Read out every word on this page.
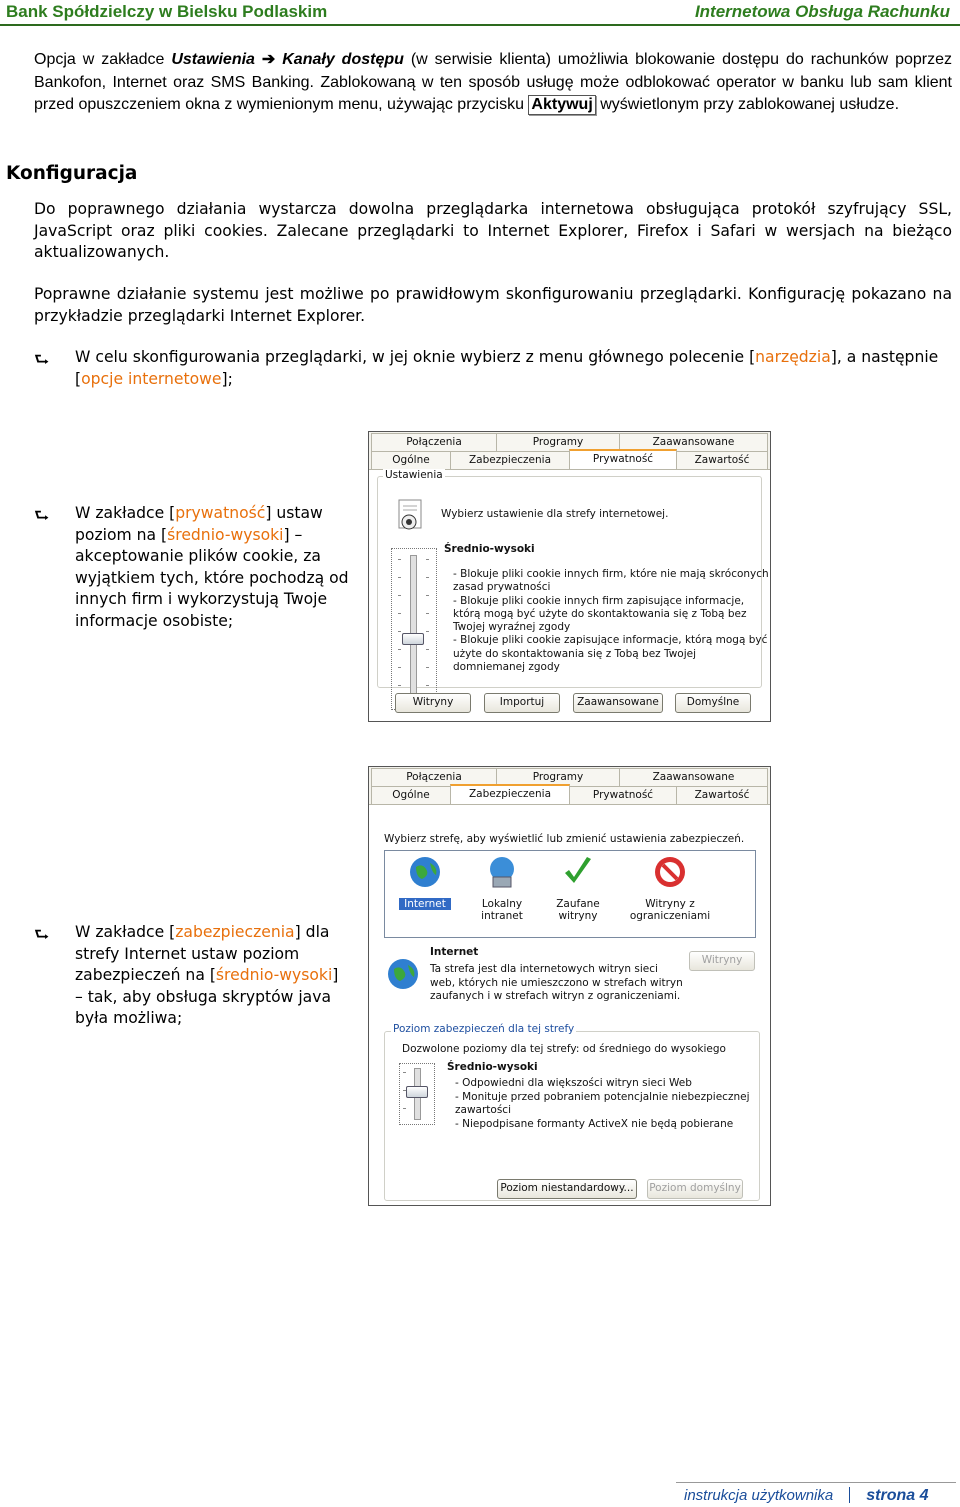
Bank Spółdzielczy w Bielsku Podlaskim	Internetowa Obsługa Rachunku
Opcja w zakładce Ustawienia ➔ Kanały dostępu (w serwisie klienta) umożliwia blokowanie dostępu do rachunków poprzez Bankofon, Internet oraz SMS Banking. Zablokowaną w ten sposób usługę może odblokować operator w banku lub sam klient przed opuszczeniem okna z wymienionym menu, używając przycisku Aktywuj wyświetlonym przy zablokowanej usłudze.
Konfiguracja
Do poprawnego działania wystarcza dowolna przeglądarka internetowa obsługująca protokół szyfrujący SSL, JavaScript oraz pliki cookies. Zalecane przeglądarki to Internet Explorer, Firefox i Safari w wersjach na bieżąco aktualizowanych.
Poprawne działanie systemu jest możliwe po prawidłowym skonfigurowaniu przeglądarki. Konfigurację pokazano na przykładzie przeglądarki Internet Explorer.
⮑ W celu skonfigurowania przeglądarki, w jej oknie wybierz z menu głównego polecenie [narzędzia], a następnie [opcje internetowe];
⮑ W zakładce [prywatność] ustaw poziom na [średnio-wysoki] – akceptowanie plików cookie, za wyjątkiem tych, które pochodzą od innych firm i wykorzystują Twoje informacje osobiste;
Połączenia	Programy	Zaawansowane
Ogólne	Zabezpieczenia	Prywatność	Zawartość
Ustawienia
Wybierz ustawienie dla strefy internetowej.
Średnio-wysoki
- Blokuje pliki cookie innych firm, które nie mają skróconych
zasad prywatności
- Blokuje pliki cookie innych firm zapisujące informacje,
którą mogą być użyte do skontaktowania się z Tobą bez
Twojej wyraźnej zgody
- Blokuje pliki cookie zapisujące informacje, którą mogą być
użyte do skontaktowania się z Tobą bez Twojej
domniemanej zgody
Witryny	Importuj	Zaawansowane	Domyślne
⮑ W zakładce [zabezpieczenia] dla strefy Internet ustaw poziom zabezpieczeń na [średnio-wysoki] – tak, aby obsługa skryptów java była możliwa;
Połączenia	Programy	Zaawansowane
Ogólne	Zabezpieczenia	Prywatność	Zawartość
Wybierz strefę, aby wyświetlić lub zmienić ustawienia zabezpieczeń.
Internet	Lokalny intranet
Zaufane witryny
Witryny z ograniczeniami
Internet
Ta strefa jest dla internetowych witryn sieci
web, których nie umieszczono w strefach witryn
zaufanych i w strefach witryn z ograniczeniami.
Witryny
Poziom zabezpieczeń dla tej strefy
Dozwolone poziomy dla tej strefy: od średniego do wysokiego
Średnio-wysoki
- Odpowiedni dla większości witryn sieci Web
- Monituje przed pobraniem potencjalnie niebezpiecznej
zawartości
- Niepodpisane formanty ActiveX nie będą pobierane
Poziom niestandardowy...	Poziom domyślny
instrukcja użytkownika strona 4
